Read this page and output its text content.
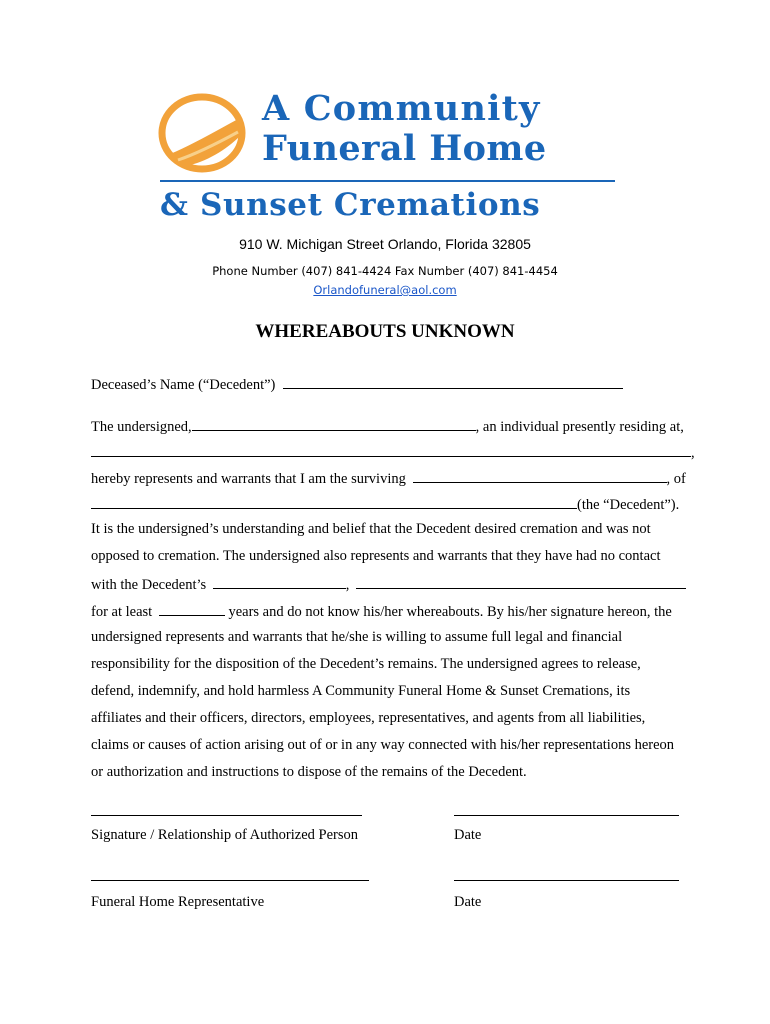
A Community
Funeral Home
& Sunset Cremations
910 W. Michigan Street Orlando, Florida 32805
Phone Number (407) 841-4424 Fax Number (407) 841-4454
Orlandofuneral@aol.com
WHEREABOUTS UNKNOWN
Deceased’s Name (“Decedent”)
The undersigned,	, an individual presently residing at,
,
hereby represents and warrants that I am the surviving	, of
(the “Decedent”).
It is the undersigned’s understanding and belief that the Decedent desired cremation and was not
opposed to cremation. The undersigned also represents and warrants that they have had no contact
with the Decedent’s	,
for at least	years and do not know his/her whereabouts. By his/her signature hereon, the
undersigned represents and warrants that he/she is willing to assume full legal and financial
responsibility for the disposition of the Decedent’s remains. The undersigned agrees to release,
defend, indemnify, and hold harmless A Community Funeral Home & Sunset Cremations, its
affiliates and their officers, directors, employees, representatives, and agents from all liabilities,
claims or causes of action arising out of or in any way connected with his/her representations hereon
or authorization and instructions to dispose of the remains of the Decedent.
Signature / Relationship of Authorized Person	Date
Funeral Home Representative	Date
